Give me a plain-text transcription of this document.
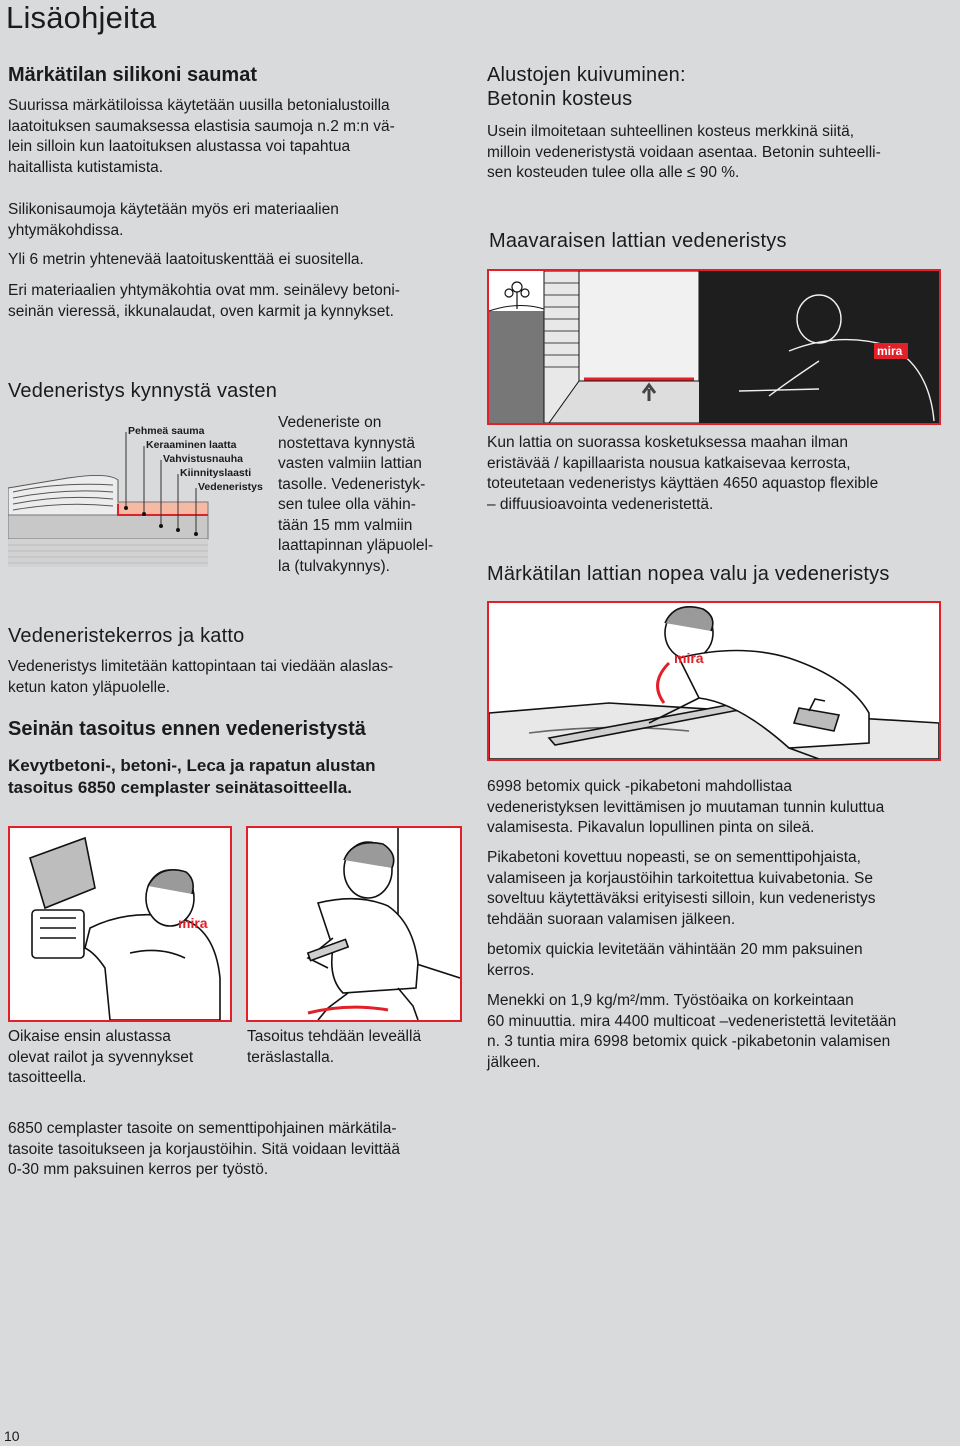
Lisäohjeita
Märkätilan silikoni saumat

Suurissa märkätiloissa käytetään uusilla betonialustoilla
laatoituksen saumaksessa elastisia saumoja n.2 m:n vä-
lein silloin kun laatoituksen alustassa voi tapahtua
haitallista kutistamista.

Silikonisaumoja käytetään myös eri materiaalien
yhtymäkohdissa.

Yli 6 metrin yhtenevää laatoituskenttää ei suositella.

Eri materiaalien yhtymäkohtia ovat mm. seinälevy betoni-
seinän vieressä, ikkunalaudat, oven karmit ja kynnykset.

Vedeneristys kynnystä vasten
Pehmeä sauma
Keraaminen laatta
Vahvistusnauha
Kiinnityslaasti
Vedeneristys

Vedeneriste on
nostettava kynnystä
vasten valmiin lattian
tasolle. Vedeneristyk-
sen tulee olla vähin-
tään 15 mm valmiin
laattapinnan yläpuolel-
la (tulvakynnys).

Vedeneristekerros ja katto

Vedeneristys limitetään kattopintaan tai viedään alaslas-
ketun katon yläpuolelle.

Seinän tasoitus ennen vedeneristystä

Kevytbetoni-, betoni-, Leca ja rapatun alustan
tasoitus 6850 cemplaster seinätasoitteella.

mira

Oikaise ensin alustassa
olevat railot ja syvennykset
tasoitteella.

Tasoitus tehdään leveällä
teräslastalla.

6850 cemplaster tasoite on sementtipohjainen märkätila-
tasoite tasoitukseen ja korjaustöihin. Sitä voidaan levittää
0-30 mm paksuinen kerros per työstö.

Alustojen kuivuminen:
Betonin kosteus

Usein ilmoitetaan suhteellinen kosteus merkkinä siitä,
milloin vedeneristystä voidaan asentaa. Betonin suhteelli-
sen kosteuden tulee olla alle ≤ 90 %.

Maavaraisen lattian vedeneristys
mira

Kun lattia on suorassa kosketuksessa maahan ilman
eristävää / kapillaarista nousua katkaisevaa kerrosta,
toteutetaan vedeneristys käyttäen 4650 aquastop flexible
– diffuusioavointa vedeneristettä.

Märkätilan lattian nopea valu ja vedeneristys
mira

6998 betomix quick -pikabetoni mahdollistaa
vedeneristyksen levittämisen jo muutaman tunnin kuluttua
valamisesta. Pikavalun lopullinen pinta on sileä.

Pikabetoni kovettuu nopeasti, se on sementtipohjaista,
valamiseen ja korjaustöihin tarkoitettua kuivabetonia. Se
soveltuu käytettäväksi erityisesti silloin, kun vedeneristys
tehdään suoraan valamisen jälkeen.

betomix quickia levitetään vähintään 20 mm paksuinen
kerros.

Menekki on 1,9 kg/m²/mm. Työstöaika on korkeintaan
60 minuuttia. mira 4400 multicoat –vedeneristettä levitetään
n. 3 tuntia mira 6998 betomix quick -pikabetonin valamisen
jälkeen.

10
